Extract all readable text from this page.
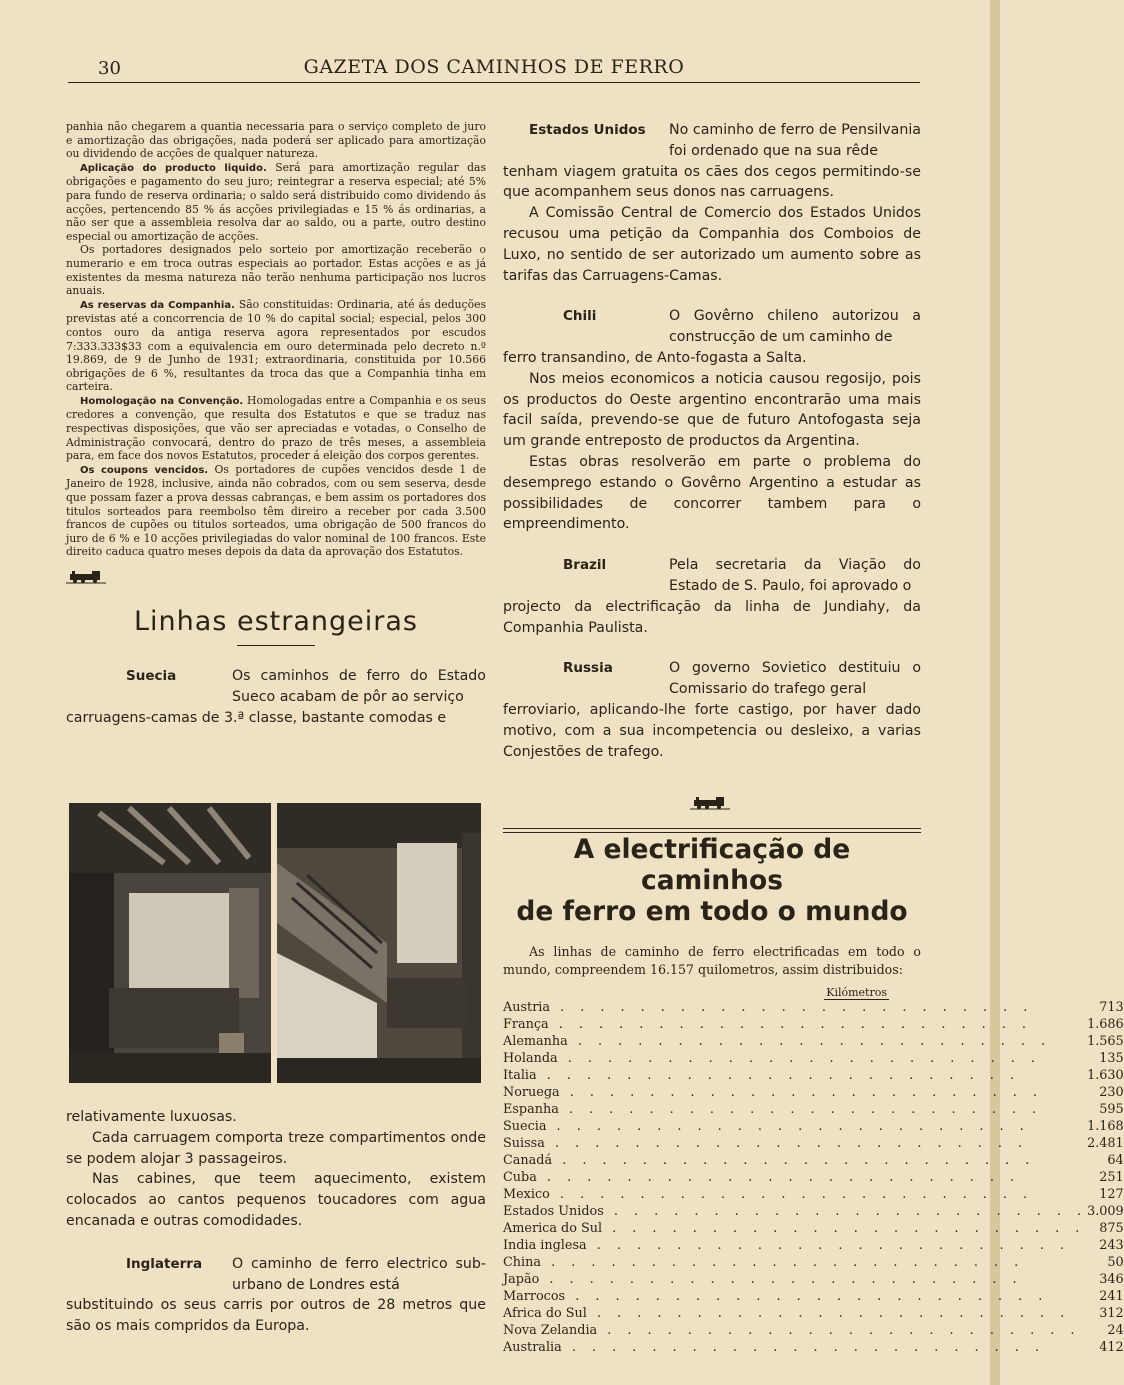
30	GAZETA DOS CAMINHOS DE FERRO

panhia não chegarem a quantia necessaria para o serviço completo de juro e amortização das obrigações, nada poderá ser aplicado para amortização ou dividendo de acções de qualquer natureza.

Aplicação do producto liquido. Será para amortização regular das obrigações e pagamento do seu juro; reintegrar a reserva especial; até 5% para fundo de reserva ordinaria; o saldo será distribuido como dividendo ás acções, pertencendo 85 % ás acções privilegiadas e 15 % ás ordinarias, a não ser que a assembleia resolva dar ao saldo, ou a parte, outro destino especial ou amortização de acções.

Os portadores designados pelo sorteio por amortização receberão o numerario e em troca outras especiais ao portador. Estas acções e as já existentes da mesma natureza não terão nenhuma participação nos lucros anuais.

As reservas da Companhia. São constituidas: Ordinaria, até ás deduções previstas até a concorrencia de 10 % do capital social; especial, pelos 300 contos ouro da antiga reserva agora representados por escudos 7:333.333$33 com a equivalencia em ouro determinada pelo decreto n.º 19.869, de 9 de Junho de 1931; extraordinaria, constituida por 10.566 obrigações de 6 %, resultantes da troca das que a Companhia tinha em carteira.

Homologação na Convenção. Homologadas entre a Companhia e os seus credores a convenção, que resulta dos Estatutos e que se traduz nas respectivas disposições, que vão ser apreciadas e votadas, o Conselho de Administração convocará, dentro do prazo de três meses, a assembleia para, em face dos novos Estatutos, proceder á eleição dos corpos gerentes.

Os coupons vencidos. Os portadores de cupões vencidos desde 1 de Janeiro de 1928, inclusive, ainda não cobrados, com ou sem seserva, desde que possam fazer a prova dessas cabranças, e bem assim os portadores dos titulos sorteados para reembolso têm direiro a receber por cada 3.500 francos de cupões ou titulos sorteados, uma obrigação de 500 francos do juro de 6 % e 10 acções privilegiadas do valor nominal de 100 francos. Este direito caduca quatro meses depois da data da aprovação dos Estatutos.

Linhas estrangeiras
Suecia	Os caminhos de ferro do Estado Sueco acabam de pôr ao serviço

carruagens-camas de 3.ª classe, bastante comodas e

relativamente luxuosas.

Cada carruagem comporta treze compartimentos onde se podem alojar 3 passageiros.

Nas cabines, que teem aquecimento, existem colocados ao cantos pequenos toucadores com agua encanada e outras comodidades.

Inglaterra O caminho de ferro electrico sub-urbano de Londres está

substituindo os seus carris por outros de 28 metros que são os mais compridos da Europa.

Estados Unidos No caminho de ferro de Pensilvania foi ordenado que na sua rêde

tenham viagem gratuita os cães dos cegos permitindo-se que acompanhem seus donos nas carruagens.

A Comissão Central de Comercio dos Estados Unidos recusou uma petição da Companhia dos Comboios de Luxo, no sentido de ser autorizado um aumento sobre as tarifas das Carruagens-Camas.

Chili	O Govêrno chileno autorizou a construcção de um caminho de

ferro transandino, de Anto-fogasta a Salta.

Nos meios economicos a noticia causou regosijo, pois os productos do Oeste argentino encontrarão uma mais facil saída, prevendo-se que de futuro Antofogasta seja um grande entreposto de productos da Argentina.

Estas obras resolverão em parte o problema do desemprego estando o Govêrno Argentino a estudar as possibilidades de concorrer tambem para o empreendimento.

Brazil	Pela secretaria da Viação do Estado de S. Paulo, foi aprovado o

projecto da electrificação da linha de Jundiahy, da Companhia Paulista.

Russia	O governo Sovietico destituiu o Comissario do trafego geral

ferroviario, aplicando-lhe forte castigo, por haver dado motivo, com a sua incompetencia ou desleixo, a varias Conjestões de trafego.

A electrificação de caminhos
de ferro em todo o mundo

As linhas de caminho de ferro electrificadas em todo o mundo, compreendem 16.157 quilometros, assim distribuidos:

Kilómetros
Austria . . . . . . . . . . . . . . . . . . . . . . . .	713
França . . . . . . . . . . . . . . . . . . . . . . . .	1.686
Alemanha . . . . . . . . . . . . . . . . . . . . . . . .	1.565
Holanda . . . . . . . . . . . . . . . . . . . . . . . .	135
Italia . . . . . . . . . . . . . . . . . . . . . . . .	1.630
Noruega . . . . . . . . . . . . . . . . . . . . . . . .	230
Espanha . . . . . . . . . . . . . . . . . . . . . . . .	595
Suecia . . . . . . . . . . . . . . . . . . . . . . . .	1.168
Suissa . . . . . . . . . . . . . . . . . . . . . . . .	2.481
Canadá . . . . . . . . . . . . . . . . . . . . . . . .	64
Cuba . . . . . . . . . . . . . . . . . . . . . . . .	251
Mexico . . . . . . . . . . . . . . . . . . . . . . . .	127
Estados Unidos . . . . . . . . . . . . . . . . . . . . . . . .	3.009
America do Sul . . . . . . . . . . . . . . . . . . . . . . . .	875
India inglesa . . . . . . . . . . . . . . . . . . . . . . . .	243
China . . . . . . . . . . . . . . . . . . . . . . . .	50
Japão . . . . . . . . . . . . . . . . . . . . . . . .	346
Marrocos . . . . . . . . . . . . . . . . . . . . . . . .	241
Africa do Sul . . . . . . . . . . . . . . . . . . . . . . . .	312
Nova Zelandia . . . . . . . . . . . . . . . . . . . . . . . .	24
Australia . . . . . . . . . . . . . . . . . . . . . . . .	412
